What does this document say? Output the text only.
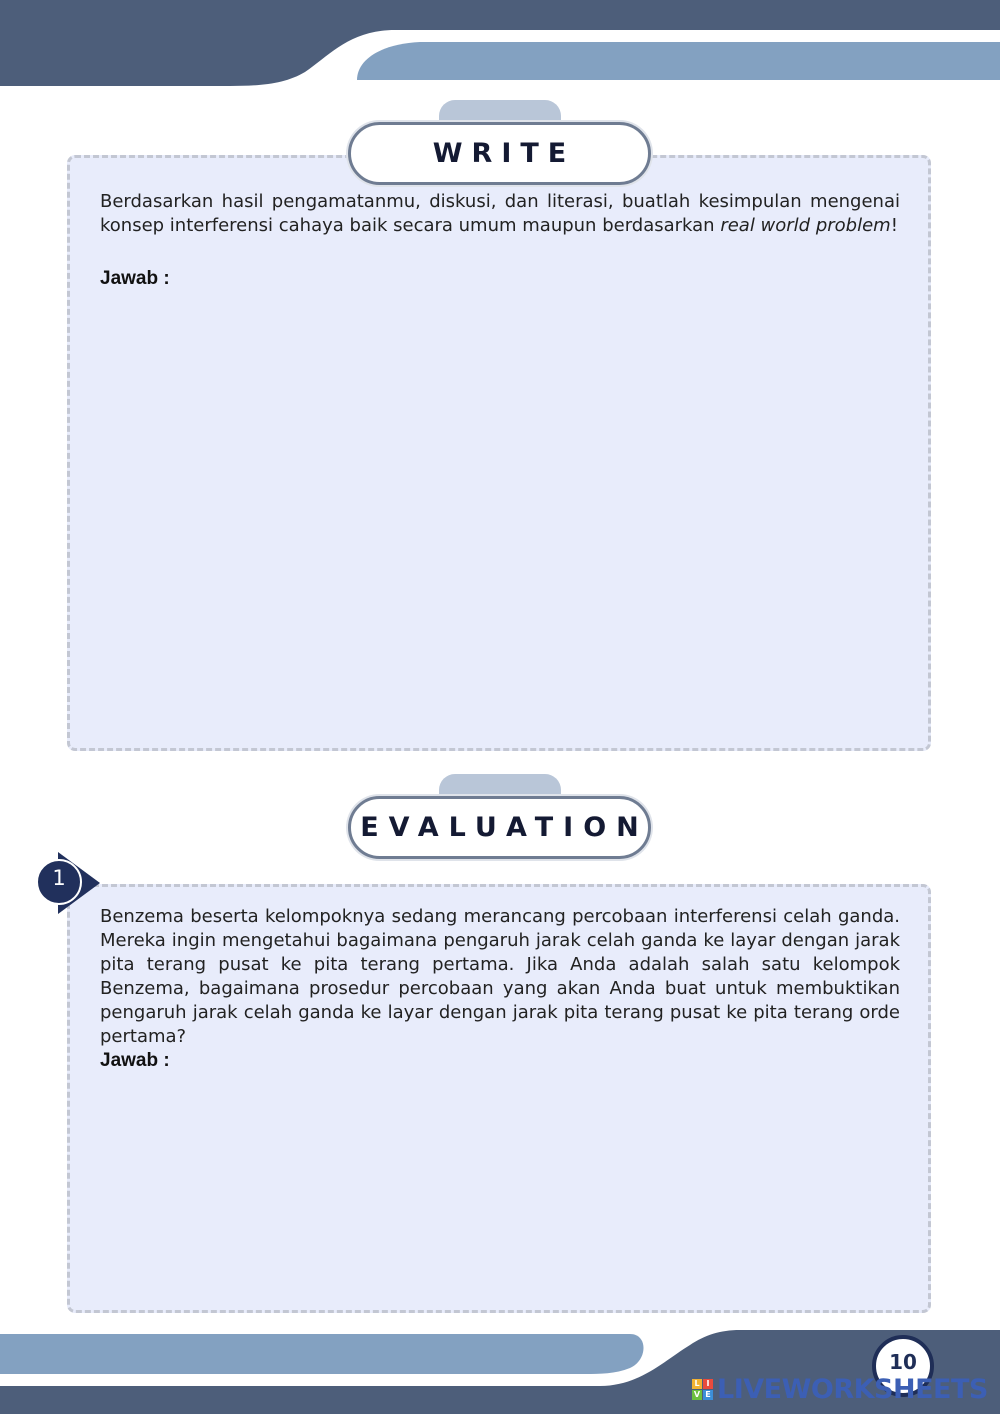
WRITE

Berdasarkan hasil pengamatanmu, diskusi, dan literasi, buatlah kesimpulan mengenai konsep interferensi cahaya baik secara umum maupun berdasarkan real world problem!

Jawab :
EVALUATION
1

Benzema beserta kelompoknya sedang merancang percobaan interferensi celah ganda. Mereka ingin mengetahui bagaimana pengaruh jarak celah ganda ke layar dengan jarak pita terang pusat ke pita terang pertama. Jika Anda adalah salah satu kelompok Benzema, bagaimana prosedur percobaan yang akan Anda buat untuk membuktikan pengaruh jarak celah ganda ke layar dengan jarak pita terang pusat ke pita terang orde pertama?

Jawab :
10
L I
V E LIVEWORKSHEETS
